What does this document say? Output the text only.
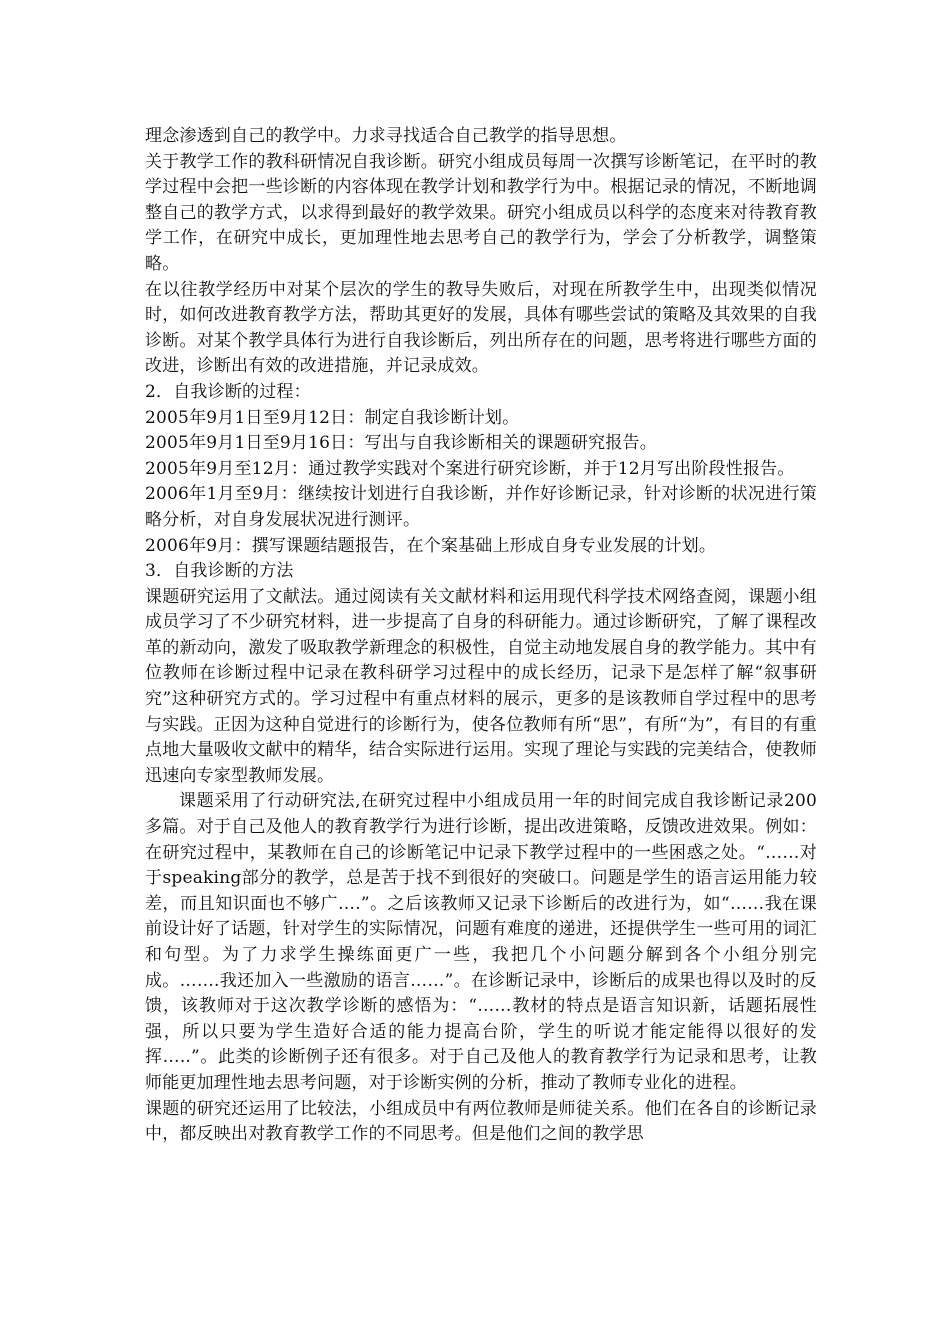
理念渗透到自己的教学中。力求寻找适合自己教学的指导思想。

关于教学工作的教科研情况自我诊断。研究小组成员每周一次撰写诊断笔记，在平时的教学过程中会把一些诊断的内容体现在教学计划和教学行为中。根据记录的情况，不断地调整自己的教学方式，以求得到最好的教学效果。研究小组成员以科学的态度来对待教育教学工作，在研究中成长，更加理性地去思考自己的教学行为，学会了分析教学，调整策略。

在以往教学经历中对某个层次的学生的教导失败后，对现在所教学生中，出现类似情况时，如何改进教育教学方法，帮助其更好的发展，具体有哪些尝试的策略及其效果的自我诊断。对某个教学具体行为进行自我诊断后，列出所存在的问题，思考将进行哪些方面的改进，诊断出有效的改进措施，并记录成效。

2．自我诊断的过程：

2005年9月1日至9月12日：制定自我诊断计划。

2005年9月1日至9月16日：写出与自我诊断相关的课题研究报告。

2005年9月至12月：通过教学实践对个案进行研究诊断，并于12月写出阶段性报告。

2006年1月至9月：继续按计划进行自我诊断，并作好诊断记录，针对诊断的状况进行策略分析，对自身发展状况进行测评。

2006年9月：撰写课题结题报告，在个案基础上形成自身专业发展的计划。

3．自我诊断的方法

课题研究运用了文献法。通过阅读有关文献材料和运用现代科学技术网络查阅，课题小组成员学习了不少研究材料，进一步提高了自身的科研能力。通过诊断研究，了解了课程改革的新动向，激发了吸取教学新理念的积极性，自觉主动地发展自身的教学能力。其中有位教师在诊断过程中记录在教科研学习过程中的成长经历，记录下是怎样了解“叙事研究”这种研究方式的。学习过程中有重点材料的展示，更多的是该教师自学过程中的思考与实践。正因为这种自觉进行的诊断行为，使各位教师有所“思”，有所“为”，有目的有重点地大量吸收文献中的精华，结合实际进行运用。实现了理论与实践的完美结合，使教师迅速向专家型教师发展。

课题采用了行动研究法,在研究过程中小组成员用一年的时间完成自我诊断记录200多篇。对于自己及他人的教育教学行为进行诊断，提出改进策略，反馈改进效果。例如：在研究过程中，某教师在自己的诊断笔记中记录下教学过程中的一些困惑之处。“……对于speaking部分的教学，总是苦于找不到很好的突破口。问题是学生的语言运用能力较差，而且知识面也不够广….”。之后该教师又记录下诊断后的改进行为，如“……我在课前设计好了话题，针对学生的实际情况，问题有难度的递进，还提供学生一些可用的词汇和句型。为了力求学生操练面更广一些，我把几个小问题分解到各个小组分别完成。…….我还加入一些激励的语言……”。在诊断记录中，诊断后的成果也得以及时的反馈，该教师对于这次教学诊断的感悟为：“……教材的特点是语言知识新，话题拓展性强，所以只要为学生造好合适的能力提高台阶，学生的听说才能定能得以很好的发挥…..”。此类的诊断例子还有很多。对于自己及他人的教育教学行为记录和思考，让教师能更加理性地去思考问题，对于诊断实例的分析，推动了教师专业化的进程。

课题的研究还运用了比较法，小组成员中有两位教师是师徒关系。他们在各自的诊断记录中，都反映出对教育教学工作的不同思考。但是他们之间的教学思
